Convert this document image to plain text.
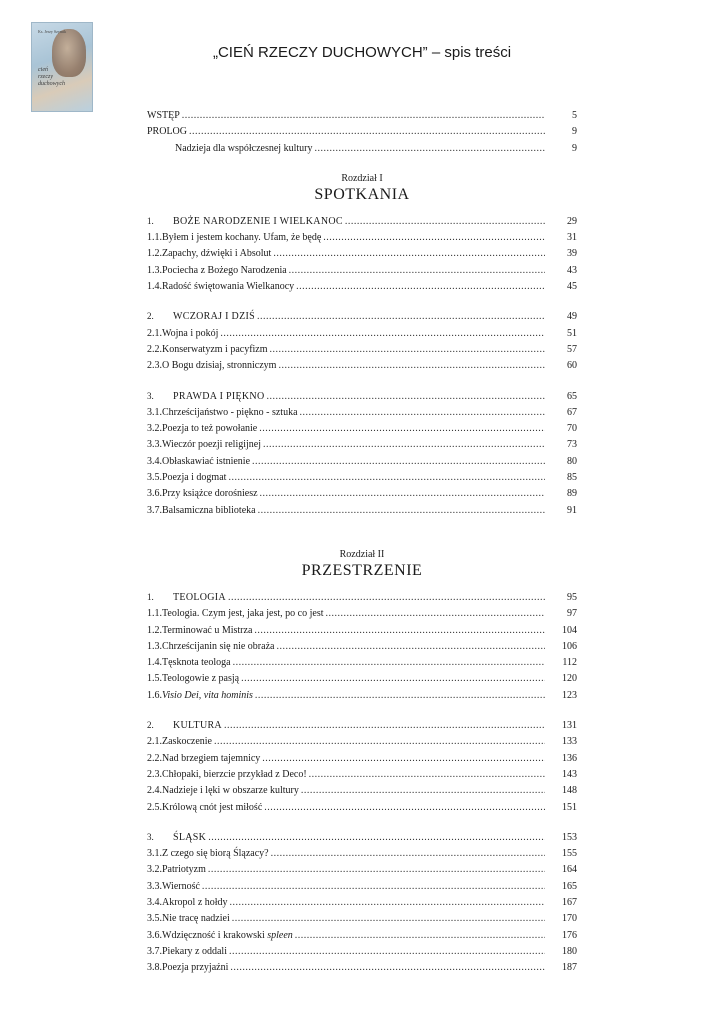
Ks. Jerzy Szymik
cień
rzeczy
duchowych
„CIEŃ RZECZY DUCHOWYCH” – spis treści
WSTĘP .....	5
PROLOG .....	9
Nadzieja dla współczesnej kultury .....	9
Rozdział I
SPOTKANIA
1. BOŻE NARODZENIE I WIELKANOC .....	29
1.1.Byłem i jestem kochany. Ufam, że będę .....	31
1.2.Zapachy, dźwięki i Absolut .....	39
1.3.Pociecha z Bożego Narodzenia .....	43
1.4.Radość świętowania Wielkanocy .....	45
2. WCZORAJ I DZIŚ .....	49
2.1.Wojna i pokój .....	51
2.2.Konserwatyzm i pacyfizm .....	57
2.3.O Bogu dzisiaj, stronniczym .....	60
3. PRAWDA I PIĘKNO .....	65
3.1.Chrześcijaństwo - piękno - sztuka .....	67
3.2.Poezja to też powołanie .....	70
3.3.Wieczór poezji religijnej .....	73
3.4.Obłaskawiać istnienie .....	80
3.5.Poezja i dogmat .....	85
3.6.Przy książce dorośniesz .....	89
3.7.Balsamiczna biblioteka .....	91
Rozdział II
PRZESTRZENIE
1. TEOLOGIA .....	95
1.1.Teologia. Czym jest, jaka jest, po co jest .....	97
1.2.Terminować u Mistrza .....	104
1.3.Chrześcijanin się nie obraża .....	106
1.4.Tęsknota teologa .....	112
1.5.Teologowie z pasją .....	120
1.6.Visio Dei, vita hominis .....	123
2. KULTURA .....	131
2.1.Zaskoczenie .....	133
2.2.Nad brzegiem tajemnicy .....	136
2.3.Chłopaki, bierzcie przykład z Deco! .....	143
2.4.Nadzieje i lęki w obszarze kultury .....	148
2.5.Królową cnót jest miłość .....	151
3. ŚLĄSK .....	153
3.1.Z czego się biorą Ślązacy? .....	155
3.2.Patriotyzm .....	164
3.3.Wierność .....	165
3.4.Akropol z hołdy .....	167
3.5.Nie tracę nadziei .....	170
3.6.Wdzięczność i krakowski spleen .....	176
3.7.Piekary z oddali .....	180
3.8.Poezja przyjaźni .....	187
